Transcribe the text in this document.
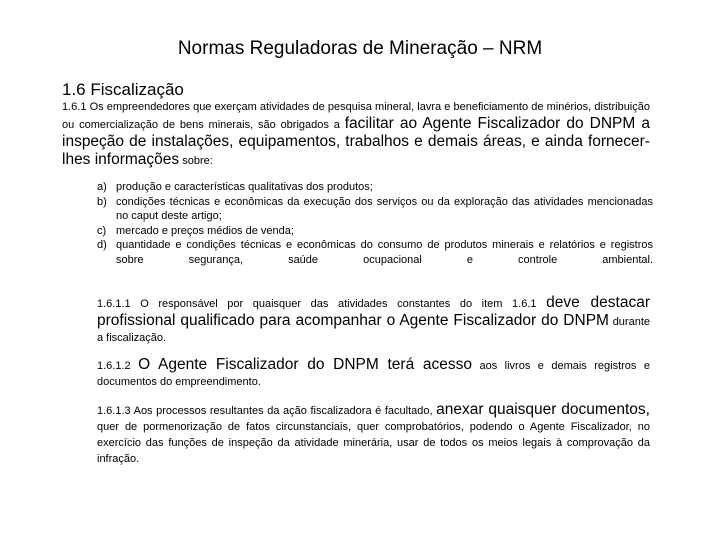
Normas Reguladoras de Mineração – NRM
1.6 Fiscalização
1.6.1 Os empreendedores que exerçam atividades de pesquisa mineral, lavra e beneficiamento de minérios, distribuição ou comercialização de bens minerais, são obrigados a facilitar ao Agente Fiscalizador do DNPM a inspeção de instalações, equipamentos, trabalhos e demais áreas, e ainda fornecer-lhes informações sobre:
a) produção e características qualitativas dos produtos;
b) condições técnicas e econômicas da execução dos serviços ou da exploração das atividades mencionadas no caput deste artigo;
c) mercado e preços médios de venda;
d) quantidade e condições técnicas e econômicas do consumo de produtos minerais e relatórios e registros sobre segurança, saúde ocupacional e controle ambiental.
1.6.1.1 O responsável por quaisquer das atividades constantes do item 1.6.1 deve destacar profissional qualificado para acompanhar o Agente Fiscalizador do DNPM durante a fiscalização.
1.6.1.2 O Agente Fiscalizador do DNPM terá acesso aos livros e demais registros e documentos do empreendimento.
1.6.1.3 Aos processos resultantes da ação fiscalizadora é facultado, anexar quaisquer documentos, quer de pormenorização de fatos circunstanciais, quer comprobatórios, podendo o Agente Fiscalizador, no exercício das funções de inspeção da atividade minerária, usar de todos os meios legais à comprovação da infração.
